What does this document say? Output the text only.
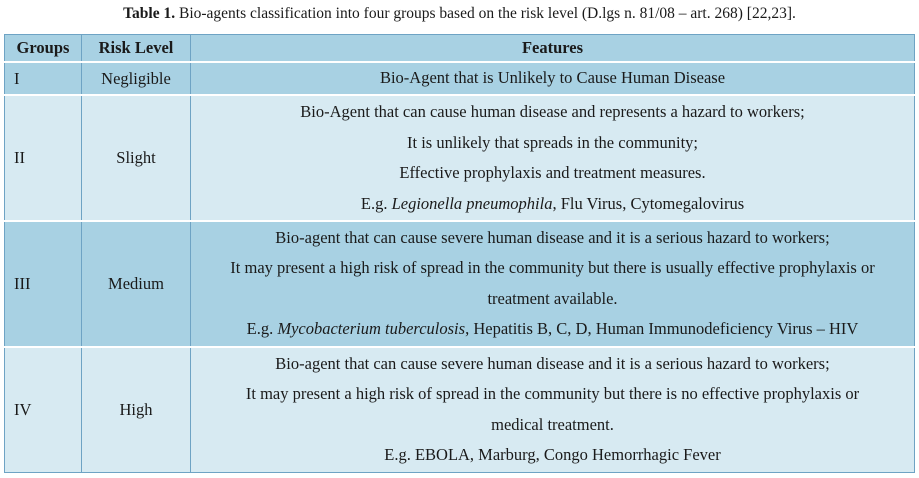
Table 1. Bio-agents classification into four groups based on the risk level (D.lgs n. 81/08 – art. 268) [22,23].
Groups	Risk Level	Features
I	Negligible	Bio-Agent that is Unlikely to Cause Human Disease

II	Slight	Bio-Agent that can cause human disease and represents a hazard to workers;
It is unlikely that spreads in the community;
Effective prophylaxis and treatment measures.
E.g. Legionella pneumophila, Flu Virus, Cytomegalovirus

III	Medium	Bio-agent that can cause severe human disease and it is a serious hazard to workers;
It may present a high risk of spread in the community but there is usually effective prophylaxis or
treatment available.
E.g. Mycobacterium tuberculosis, Hepatitis B, C, D, Human Immunodeficiency Virus – HIV

IV	High	Bio-agent that can cause severe human disease and it is a serious hazard to workers;
It may present a high risk of spread in the community but there is no effective prophylaxis or
medical treatment.
E.g. EBOLA, Marburg, Congo Hemorrhagic Fever
